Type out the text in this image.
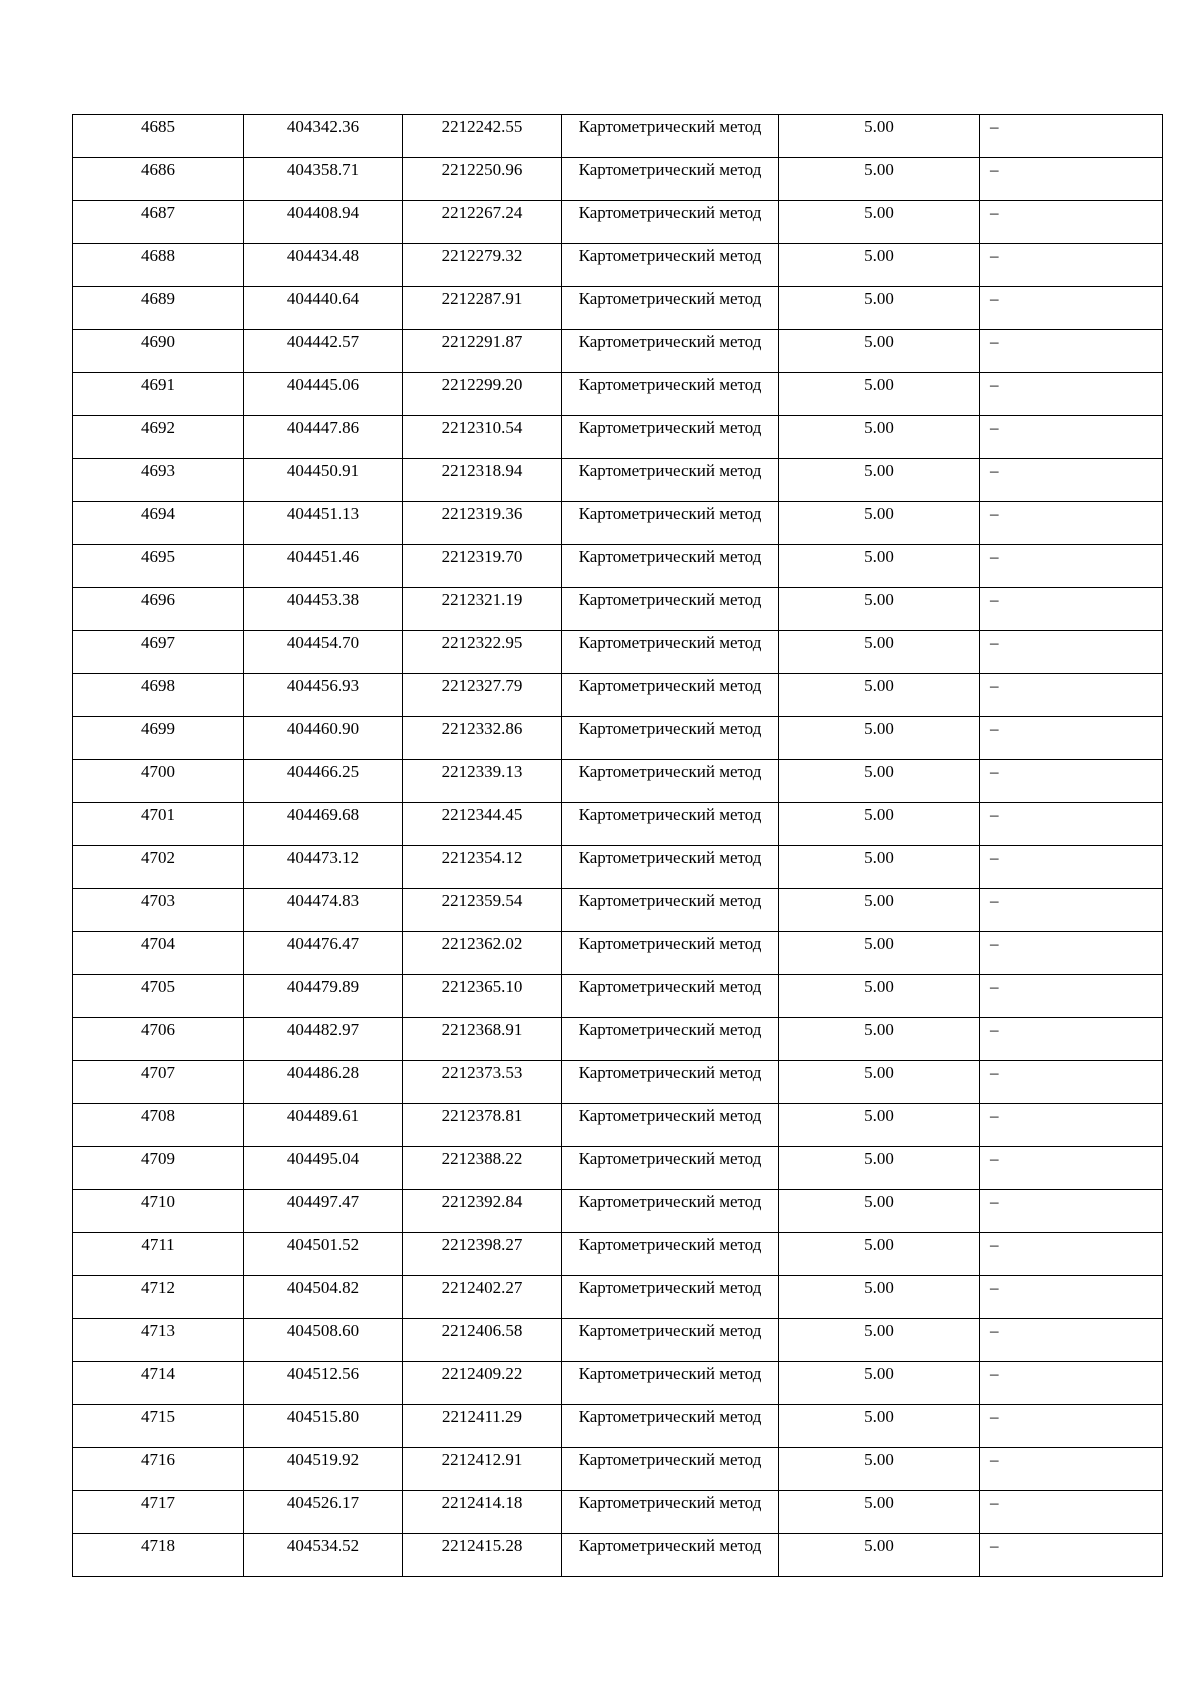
4685	404342.36	2212242.55	Картометрический метод	5.00	–

4686	404358.71	2212250.96	Картометрический метод	5.00	–

4687	404408.94	2212267.24	Картометрический метод	5.00	–

4688	404434.48	2212279.32	Картометрический метод	5.00	–

4689	404440.64	2212287.91	Картометрический метод	5.00	–

4690	404442.57	2212291.87	Картометрический метод	5.00	–

4691	404445.06	2212299.20	Картометрический метод	5.00	–

4692	404447.86	2212310.54	Картометрический метод	5.00	–

4693	404450.91	2212318.94	Картометрический метод	5.00	–

4694	404451.13	2212319.36	Картометрический метод	5.00	–

4695	404451.46	2212319.70	Картометрический метод	5.00	–

4696	404453.38	2212321.19	Картометрический метод	5.00	–

4697	404454.70	2212322.95	Картометрический метод	5.00	–

4698	404456.93	2212327.79	Картометрический метод	5.00	–

4699	404460.90	2212332.86	Картометрический метод	5.00	–

4700	404466.25	2212339.13	Картометрический метод	5.00	–

4701	404469.68	2212344.45	Картометрический метод	5.00	–

4702	404473.12	2212354.12	Картометрический метод	5.00	–

4703	404474.83	2212359.54	Картометрический метод	5.00	–

4704	404476.47	2212362.02	Картометрический метод	5.00	–

4705	404479.89	2212365.10	Картометрический метод	5.00	–

4706	404482.97	2212368.91	Картометрический метод	5.00	–

4707	404486.28	2212373.53	Картометрический метод	5.00	–

4708	404489.61	2212378.81	Картометрический метод	5.00	–

4709	404495.04	2212388.22	Картометрический метод	5.00	–

4710	404497.47	2212392.84	Картометрический метод	5.00	–

4711	404501.52	2212398.27	Картометрический метод	5.00	–

4712	404504.82	2212402.27	Картометрический метод	5.00	–

4713	404508.60	2212406.58	Картометрический метод	5.00	–

4714	404512.56	2212409.22	Картометрический метод	5.00	–

4715	404515.80	2212411.29	Картометрический метод	5.00	–

4716	404519.92	2212412.91	Картометрический метод	5.00	–

4717	404526.17	2212414.18	Картометрический метод	5.00	–

4718	404534.52	2212415.28	Картометрический метод	5.00	–
